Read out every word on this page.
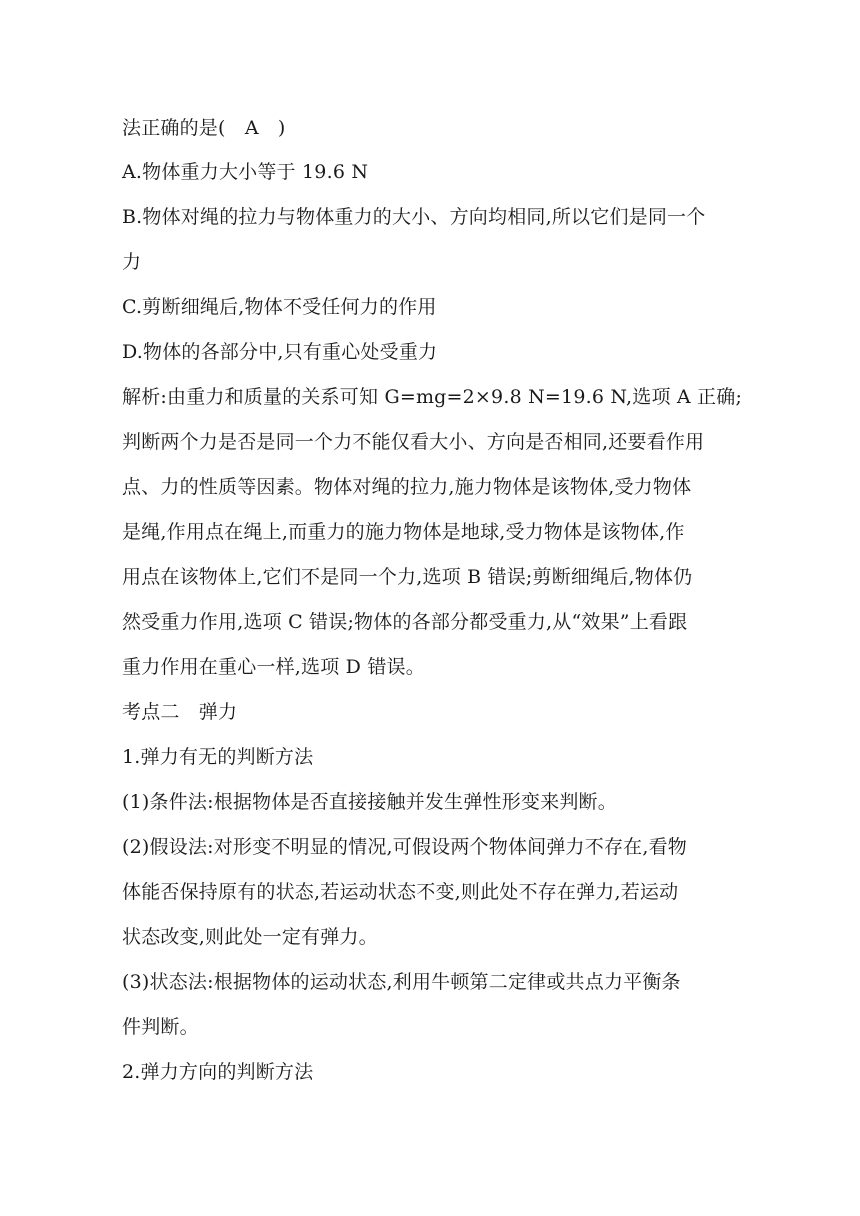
法正确的是(　A　)
A.物体重力大小等于 19.6 N
B.物体对绳的拉力与物体重力的大小、方向均相同,所以它们是同一个
力
C.剪断细绳后,物体不受任何力的作用
D.物体的各部分中,只有重心处受重力
解析:由重力和质量的关系可知 G=mg=2×9.8 N=19.6 N,选项 A 正确;
判断两个力是否是同一个力不能仅看大小、方向是否相同,还要看作用
点、力的性质等因素。物体对绳的拉力,施力物体是该物体,受力物体
是绳,作用点在绳上,而重力的施力物体是地球,受力物体是该物体,作
用点在该物体上,它们不是同一个力,选项 B 错误;剪断细绳后,物体仍
然受重力作用,选项 C 错误;物体的各部分都受重力,从“效果”上看跟
重力作用在重心一样,选项 D 错误。
考点二　弹力
1.弹力有无的判断方法
(1)条件法:根据物体是否直接接触并发生弹性形变来判断。
(2)假设法:对形变不明显的情况,可假设两个物体间弹力不存在,看物
体能否保持原有的状态,若运动状态不变,则此处不存在弹力,若运动
状态改变,则此处一定有弹力。
(3)状态法:根据物体的运动状态,利用牛顿第二定律或共点力平衡条
件判断。
2.弹力方向的判断方法
